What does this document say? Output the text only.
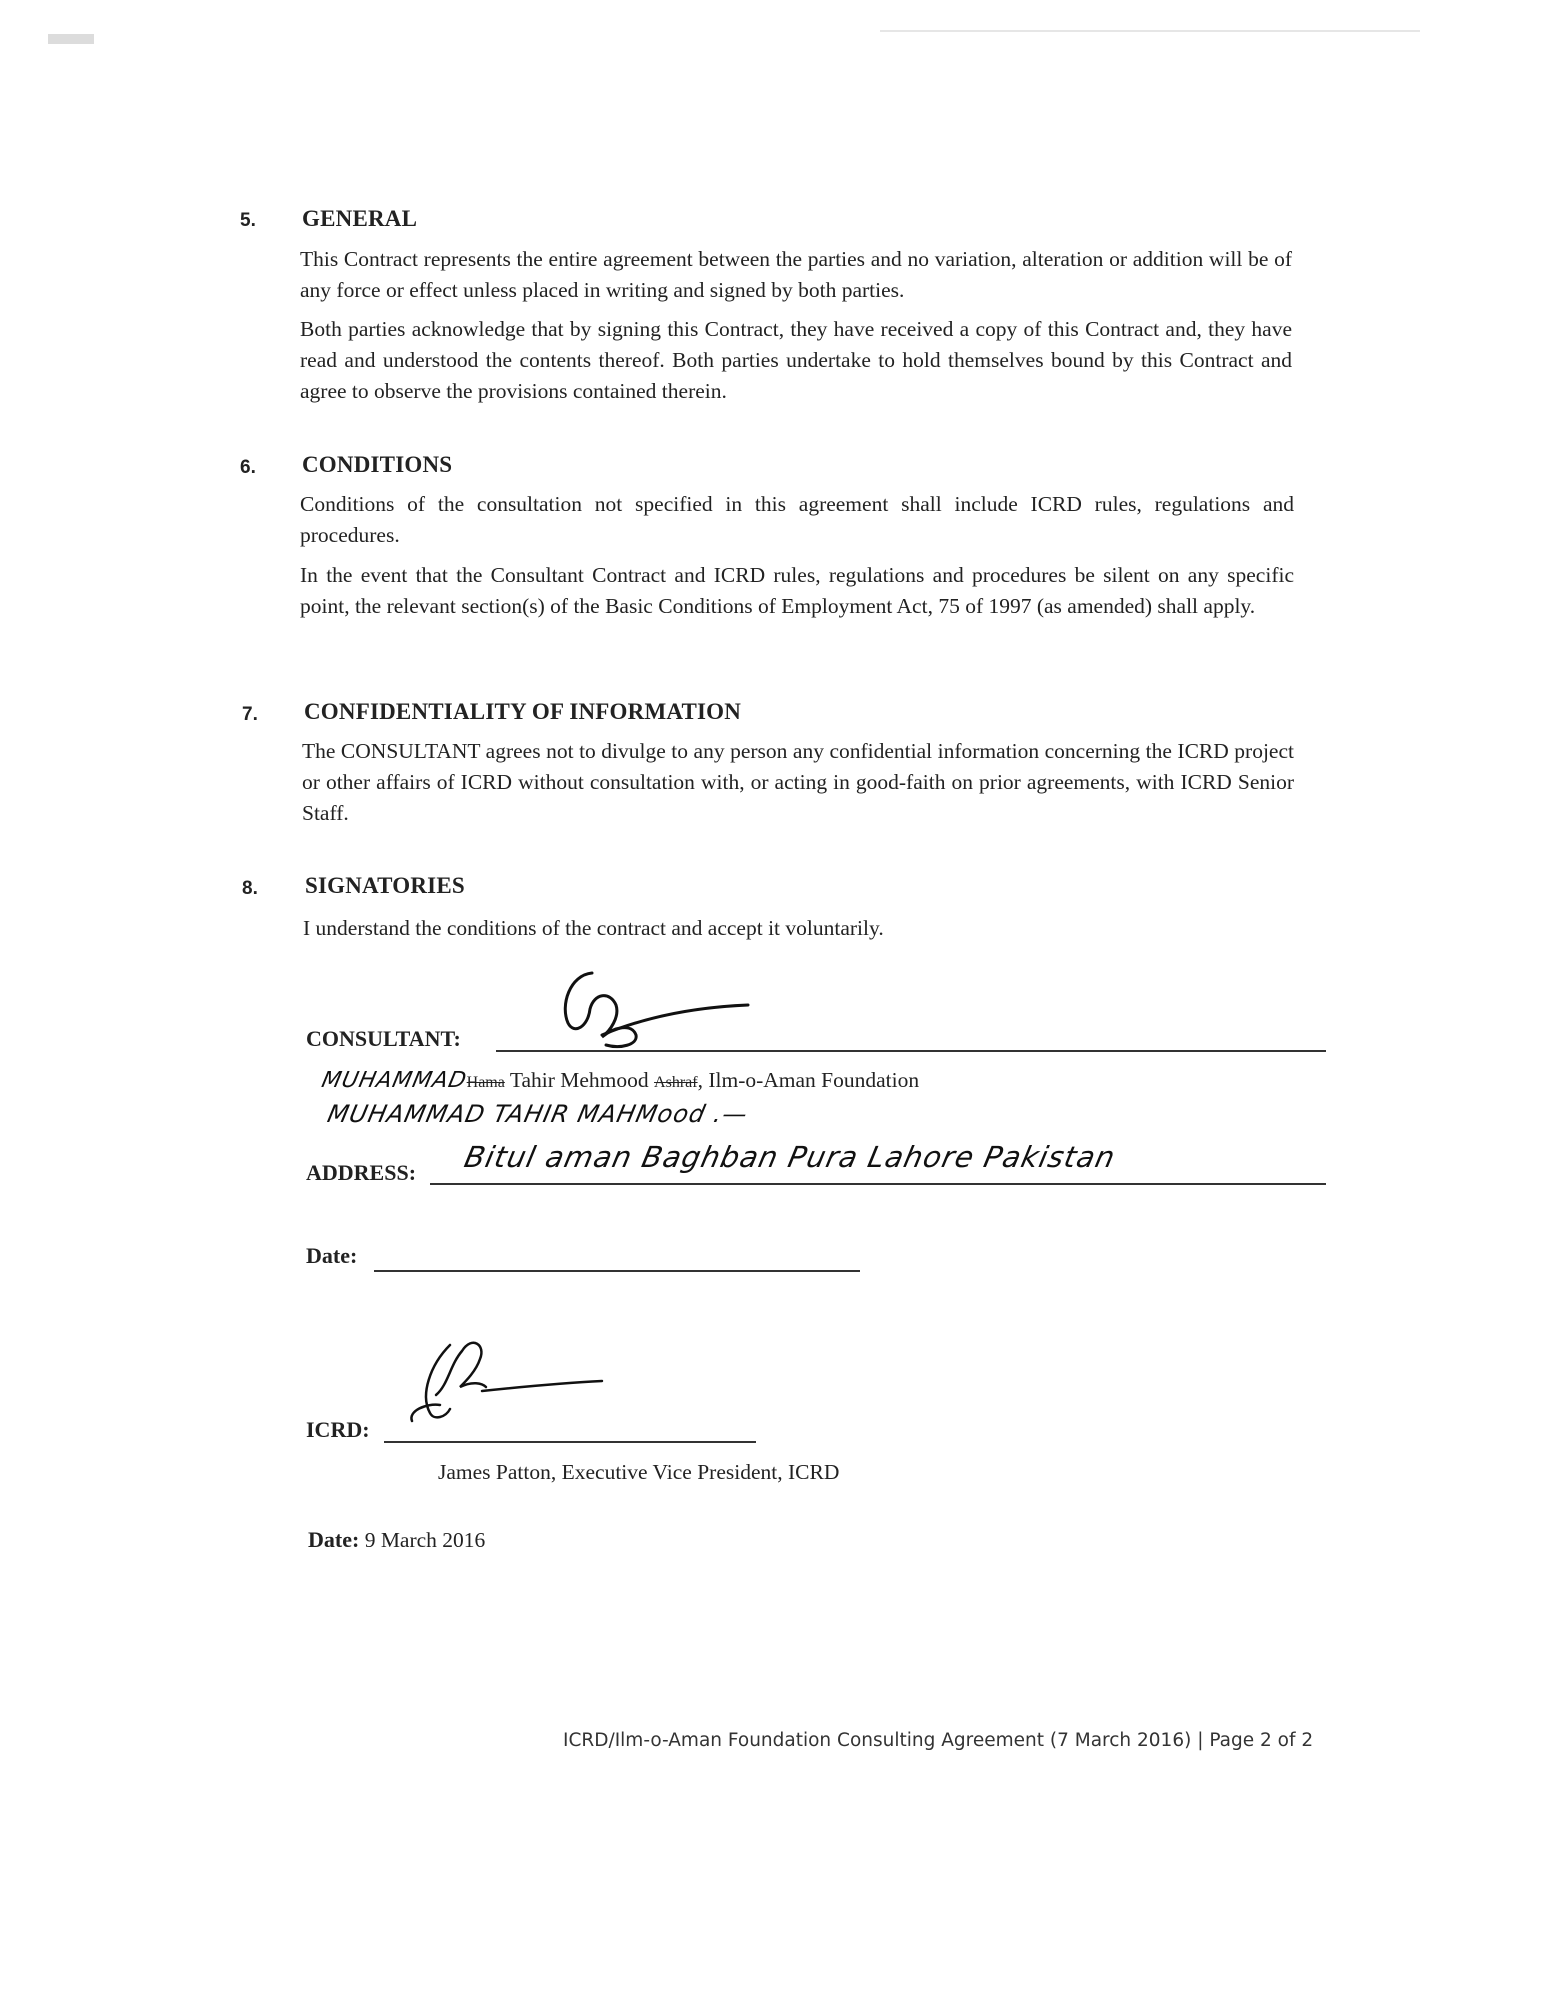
5. GENERAL
This Contract represents the entire agreement between the parties and no variation, alteration or addition will be of any force or effect unless placed in writing and signed by both parties.
Both parties acknowledge that by signing this Contract, they have received a copy of this Contract and, they have read and understood the contents thereof. Both parties undertake to hold themselves bound by this Contract and agree to observe the provisions contained therein.
6. CONDITIONS
Conditions of the consultation not specified in this agreement shall include ICRD rules, regulations and procedures.
In the event that the Consultant Contract and ICRD rules, regulations and procedures be silent on any specific point, the relevant section(s) of the Basic Conditions of Employment Act, 75 of 1997 (as amended) shall apply.
7. CONFIDENTIALITY OF INFORMATION
The CONSULTANT agrees not to divulge to any person any confidential information concerning the ICRD project or other affairs of ICRD without consultation with, or acting in good-faith on prior agreements, with ICRD Senior Staff.
8. SIGNATORIES
I understand the conditions of the contract and accept it voluntarily.
CONSULTANT:
MUHAMMADHama Tahir Mehmood Ashraf, Ilm-o-Aman Foundation
MUHAMMAD TAHIR MAHMood .—
ADDRESS: Bitul aman Baghban Pura Lahore Pakistan
Date:
ICRD:
James Patton, Executive Vice President, ICRD
Date: 9 March 2016
ICRD/Ilm-o-Aman Foundation Consulting Agreement (7 March 2016) | Page 2 of 2
